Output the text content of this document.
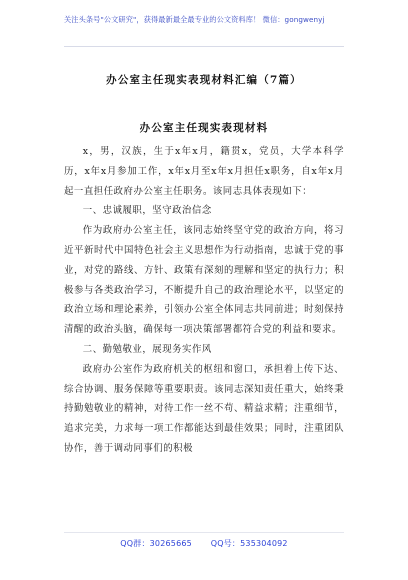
关注头条号"公文研究"，获得最新最全最专业的公文资料库！ 微信：gongwenyj
办公室主任现实表现材料汇编（7篇）
办公室主任现实表现材料

x，男，汉族，生于x年x月，籍贯x，党员，大学本科学历，x年x月参加工作，x年x月至x年x月担任x职务，自x年x月起一直担任政府办公室主任职务。该同志具体表现如下：

一、忠诚履职，坚守政治信念

作为政府办公室主任，该同志始终坚守党的政治方向，将习近平新时代中国特色社会主义思想作为行动指南，忠诚于党的事业，对党的路线、方针、政策有深刻的理解和坚定的执行力；积极参与各类政治学习，不断提升自己的政治理论水平，以坚定的政治立场和理论素养，引领办公室全体同志共同前进；时刻保持清醒的政治头脑，确保每一项决策部署都符合党的利益和要求。

二、勤勉敬业，展现务实作风

政府办公室作为政府机关的枢纽和窗口，承担着上传下达、综合协调、服务保障等重要职责。该同志深知责任重大，始终秉持勤勉敬业的精神，对待工作一丝不苟、精益求精；注重细节，追求完美，力求每一项工作都能达到最佳效果；同时，注重团队协作，善于调动同事们的积极

QQ群：30265665 QQ号：535304092
